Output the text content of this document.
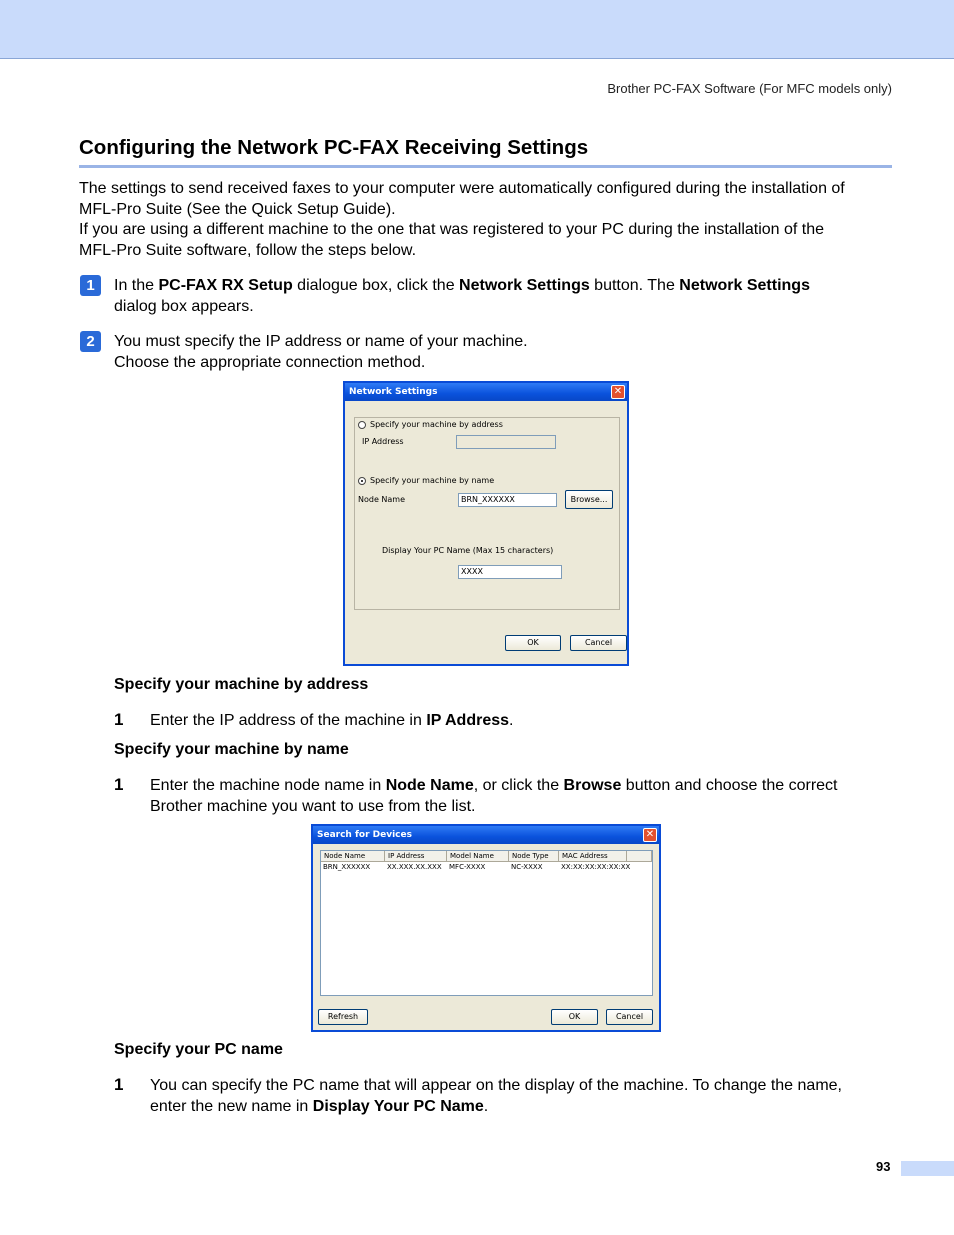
Brother PC-FAX Software (For MFC models only)
Configuring the Network PC-FAX Receiving Settings
The settings to send received faxes to your computer were automatically configured during the installation of
MFL-Pro Suite (See the Quick Setup Guide).
If you are using a different machine to the one that was registered to your PC during the installation of the
MFL-Pro Suite software, follow the steps below.
1	In the PC-FAX RX Setup dialogue box, click the Network Settings button. The Network Settings
dialog box appears.
2	You must specify the IP address or name of your machine.
Choose the appropriate connection method.
Network Settings	✕
Specify your machine by address
IP Address
Specify your machine by name
Node Name	BRN_XXXXXX	Browse...
Display Your PC Name (Max 15 characters)
XXXX
OK	Cancel
Specify your machine by address
1 Enter the IP address of the machine in IP Address.
Specify your machine by name
1 Enter the machine node name in Node Name, or click the Browse button and choose the correct
Brother machine you want to use from the list.
Search for Devices	✕
Node Name	IP Address	Model Name	Node Type	MAC Address
BRN_XXXXXX XX.XXX.XX.XXX MFC-XXXX	NC-XXXX	XX:XX:XX:XX:XX:XX
Refresh	OK	Cancel
Specify your PC name
1 You can specify the PC name that will appear on the display of the machine. To change the name,
enter the new name in Display Your PC Name.
93
